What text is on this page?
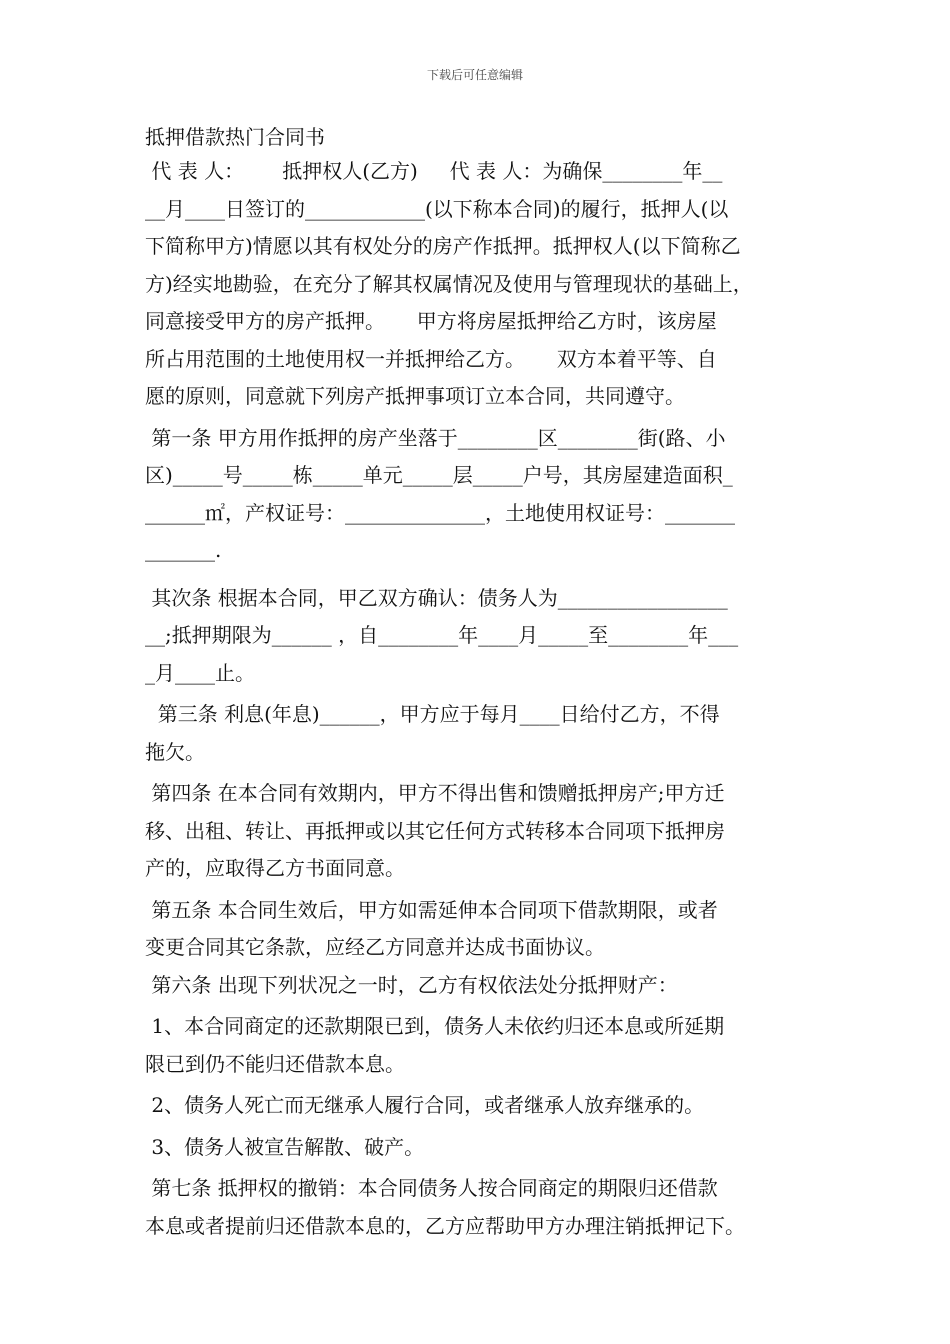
下载后可任意编辑
抵押借款热门合同书
代 表 人：      抵押权人(乙方)     代 表 人：为确保________年__
__月____日签订的____________(以下称本合同)的履行，抵押人(以
下简称甲方)情愿以其有权处分的房产作抵押。抵押权人(以下简称乙
方)经实地勘验，在充分了解其权属情况及使用与管理现状的基础上，
同意接受甲方的房产抵押。     甲方将房屋抵押给乙方时，该房屋
所占用范围的土地使用权一并抵押给乙方。     双方本着平等、自
愿的原则，同意就下列房产抵押事项订立本合同，共同遵守。
第一条 甲方用作抵押的房产坐落于________区________街(路、小
区)_____号_____栋_____单元_____层_____户号，其房屋建造面积_
______㎡，产权证号：______________，土地使用权证号：_______
_______.
其次条 根据本合同，甲乙双方确认：债务人为_________________
__;抵押期限为______ ，自________年____月_____至________年___
_月____止。
第三条 利息(年息)______，甲方应于每月____日给付乙方，不得
拖欠。
第四条 在本合同有效期内，甲方不得出售和馈赠抵押房产;甲方迁
移、出租、转让、再抵押或以其它任何方式转移本合同项下抵押房
产的，应取得乙方书面同意。
第五条 本合同生效后，甲方如需延伸本合同项下借款期限，或者
变更合同其它条款，应经乙方同意并达成书面协议。
第六条 出现下列状况之一时，乙方有权依法处分抵押财产：
1、本合同商定的还款期限已到，债务人未依约归还本息或所延期
限已到仍不能归还借款本息。
2、债务人死亡而无继承人履行合同，或者继承人放弃继承的。
3、债务人被宣告解散、破产。
第七条 抵押权的撤销：本合同债务人按合同商定的期限归还借款
本息或者提前归还借款本息的，乙方应帮助甲方办理注销抵押记下。
